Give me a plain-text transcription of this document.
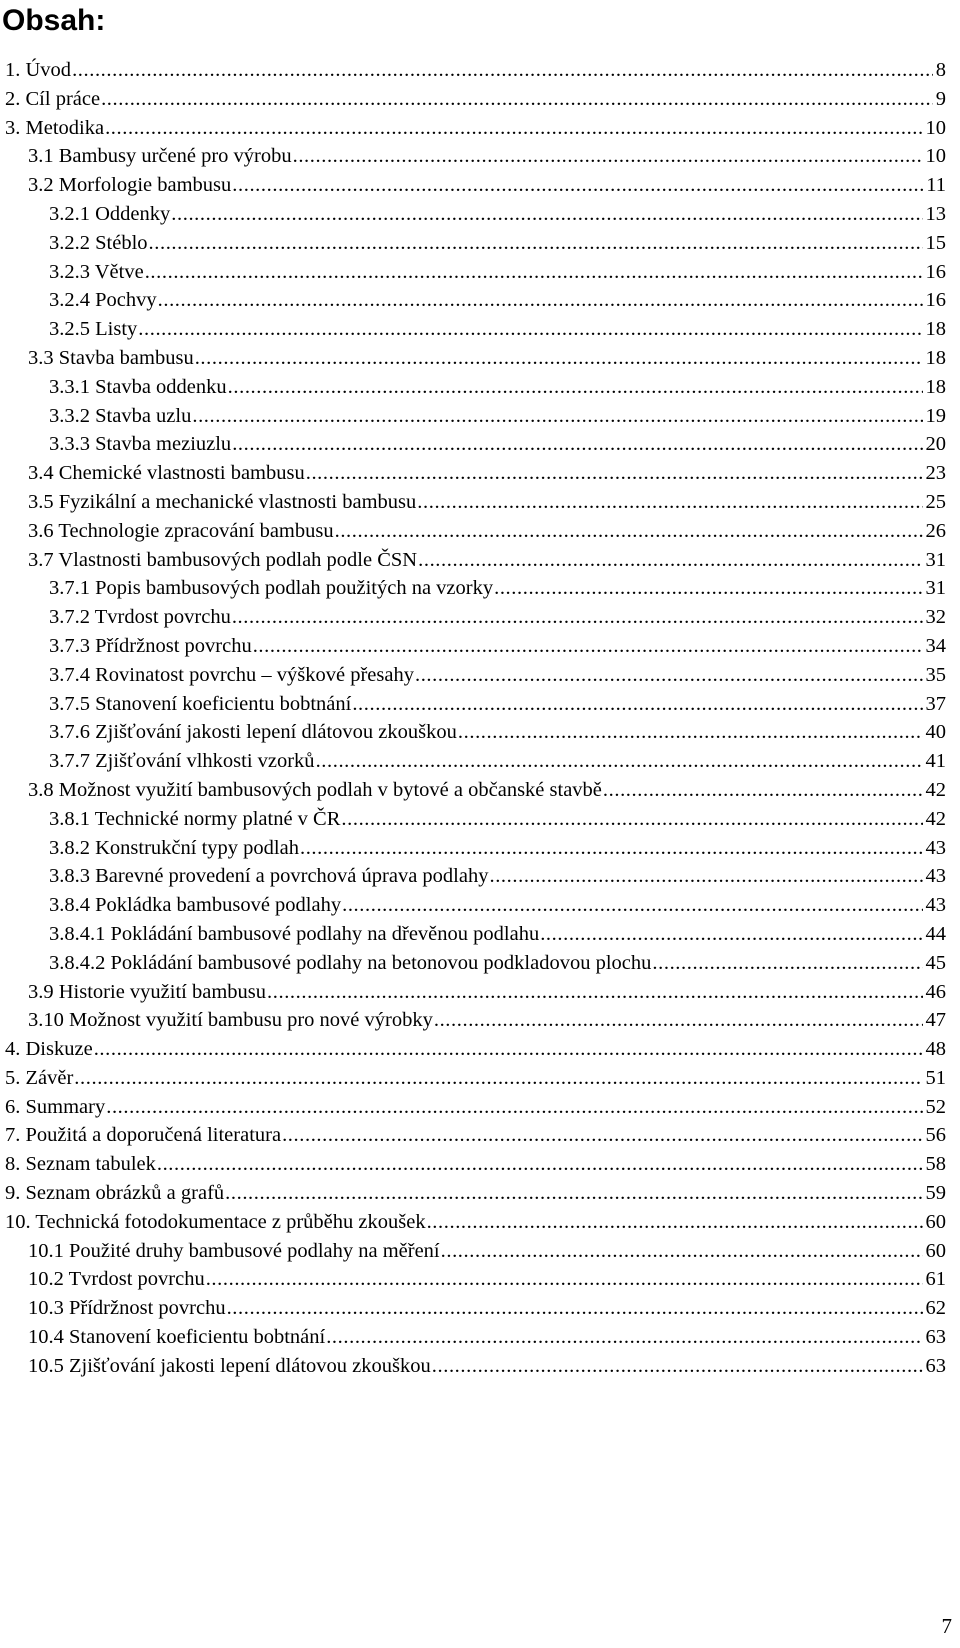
Obsah:
1. Úvod .....	8
2. Cíl práce .....	9
3. Metodika .....	10
3.1 Bambusy určené pro výrobu .....	10
3.2 Morfologie bambusu .....	11
3.2.1 Oddenky .....	13
3.2.2 Stéblo .....	15
3.2.3 Větve .....	16
3.2.4 Pochvy .....	16
3.2.5 Listy .....	18
3.3 Stavba bambusu .....	18
3.3.1 Stavba oddenku .....	18
3.3.2 Stavba uzlu .....	19
3.3.3 Stavba meziuzlu .....	20
3.4 Chemické vlastnosti bambusu .....	23
3.5 Fyzikální a mechanické vlastnosti bambusu .....	25
3.6 Technologie zpracování bambusu .....	26
3.7 Vlastnosti bambusových podlah podle ČSN .....	31
3.7.1 Popis bambusových podlah použitých na vzorky .....	31
3.7.2 Tvrdost povrchu .....	32
3.7.3 Přídržnost povrchu .....	34
3.7.4 Rovinatost povrchu – výškové přesahy .....	35
3.7.5 Stanovení koeficientu bobtnání .....	37
3.7.6 Zjišťování jakosti lepení dlátovou zkouškou .....	40
3.7.7 Zjišťování vlhkosti vzorků .....	41
3.8 Možnost využití bambusových podlah v bytové a občanské stavbě .....	42
3.8.1 Technické normy platné v ČR .....	42
3.8.2 Konstrukční typy podlah .....	43
3.8.3 Barevné provedení a povrchová úprava podlahy .....	43
3.8.4 Pokládka bambusové podlahy .....	43
3.8.4.1 Pokládání bambusové podlahy na dřevěnou podlahu .....	44
3.8.4.2 Pokládání bambusové podlahy na betonovou podkladovou plochu .....	45
3.9 Historie využití bambusu .....	46
3.10 Možnost využití bambusu pro nové výrobky .....	47
4. Diskuze .....	48
5. Závěr .....	51
6. Summary .....	52
7. Použitá a doporučená literatura .....	56
8. Seznam tabulek .....	58
9. Seznam obrázků a grafů .....	59
10. Technická fotodokumentace z průběhu zkoušek .....	60
10.1 Použité druhy bambusové podlahy na měření .....	60
10.2 Tvrdost povrchu .....	61
10.3 Přídržnost povrchu .....	62
10.4 Stanovení koeficientu bobtnání .....	63
10.5 Zjišťování jakosti lepení dlátovou zkouškou .....	63
7
